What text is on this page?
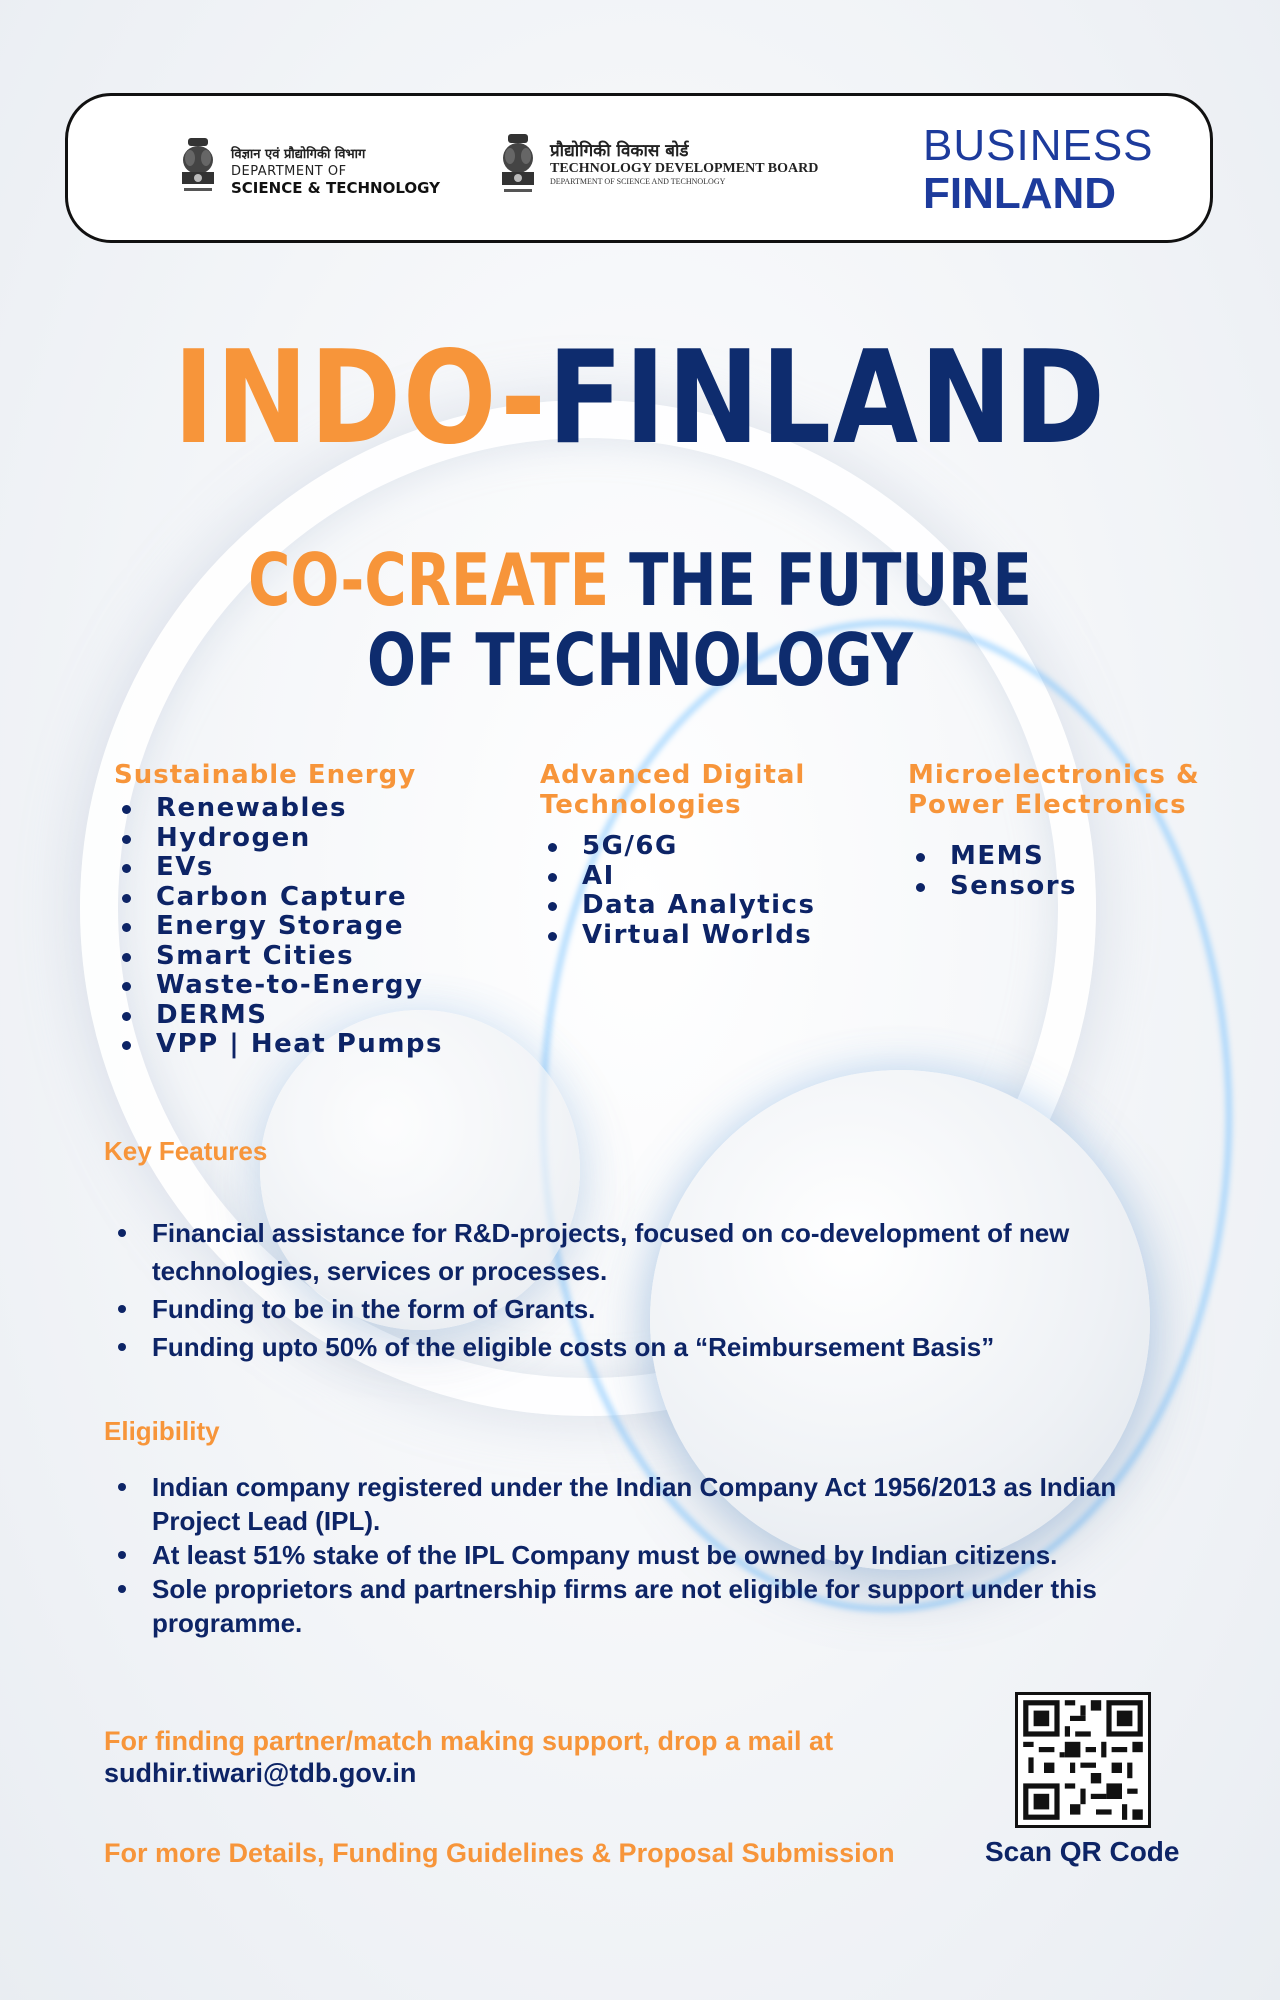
विज्ञान एवं प्रौद्योगिकी विभाग
DEPARTMENT OF
SCIENCE & TECHNOLOGY
प्रौद्योगिकी विकास बोर्ड
TECHNOLOGY DEVELOPMENT BOARD
DEPARTMENT OF SCIENCE AND TECHNOLOGY
BUSINESS
FINLAND
INDO-FINLAND
CO-CREATE THE FUTURE
OF TECHNOLOGY
Sustainable Energy
Renewables
Hydrogen
EVs
Carbon Capture
Energy Storage
Smart Cities
Waste-to-Energy
DERMS
VPP | Heat Pumps
Advanced Digital
Technologies
5G/6G
AI
Data Analytics
Virtual Worlds
Microelectronics &
Power Electronics
MEMS
Sensors
Key Features
Financial assistance for R&D-projects, focused on co-development of new technologies, services or processes.
Funding to be in the form of Grants.
Funding upto 50% of the eligible costs on a “Reimbursement Basis”
Eligibility
Indian company registered under the Indian Company Act 1956/2013 as Indian Project Lead (IPL).
At least 51% stake of the IPL Company must be owned by Indian citizens.
Sole proprietors and partnership firms are not eligible for support under this programme.
For finding partner/match making support, drop a mail at
sudhir.tiwari@tdb.gov.in
For more Details, Funding Guidelines & Proposal Submission	Scan QR Code
